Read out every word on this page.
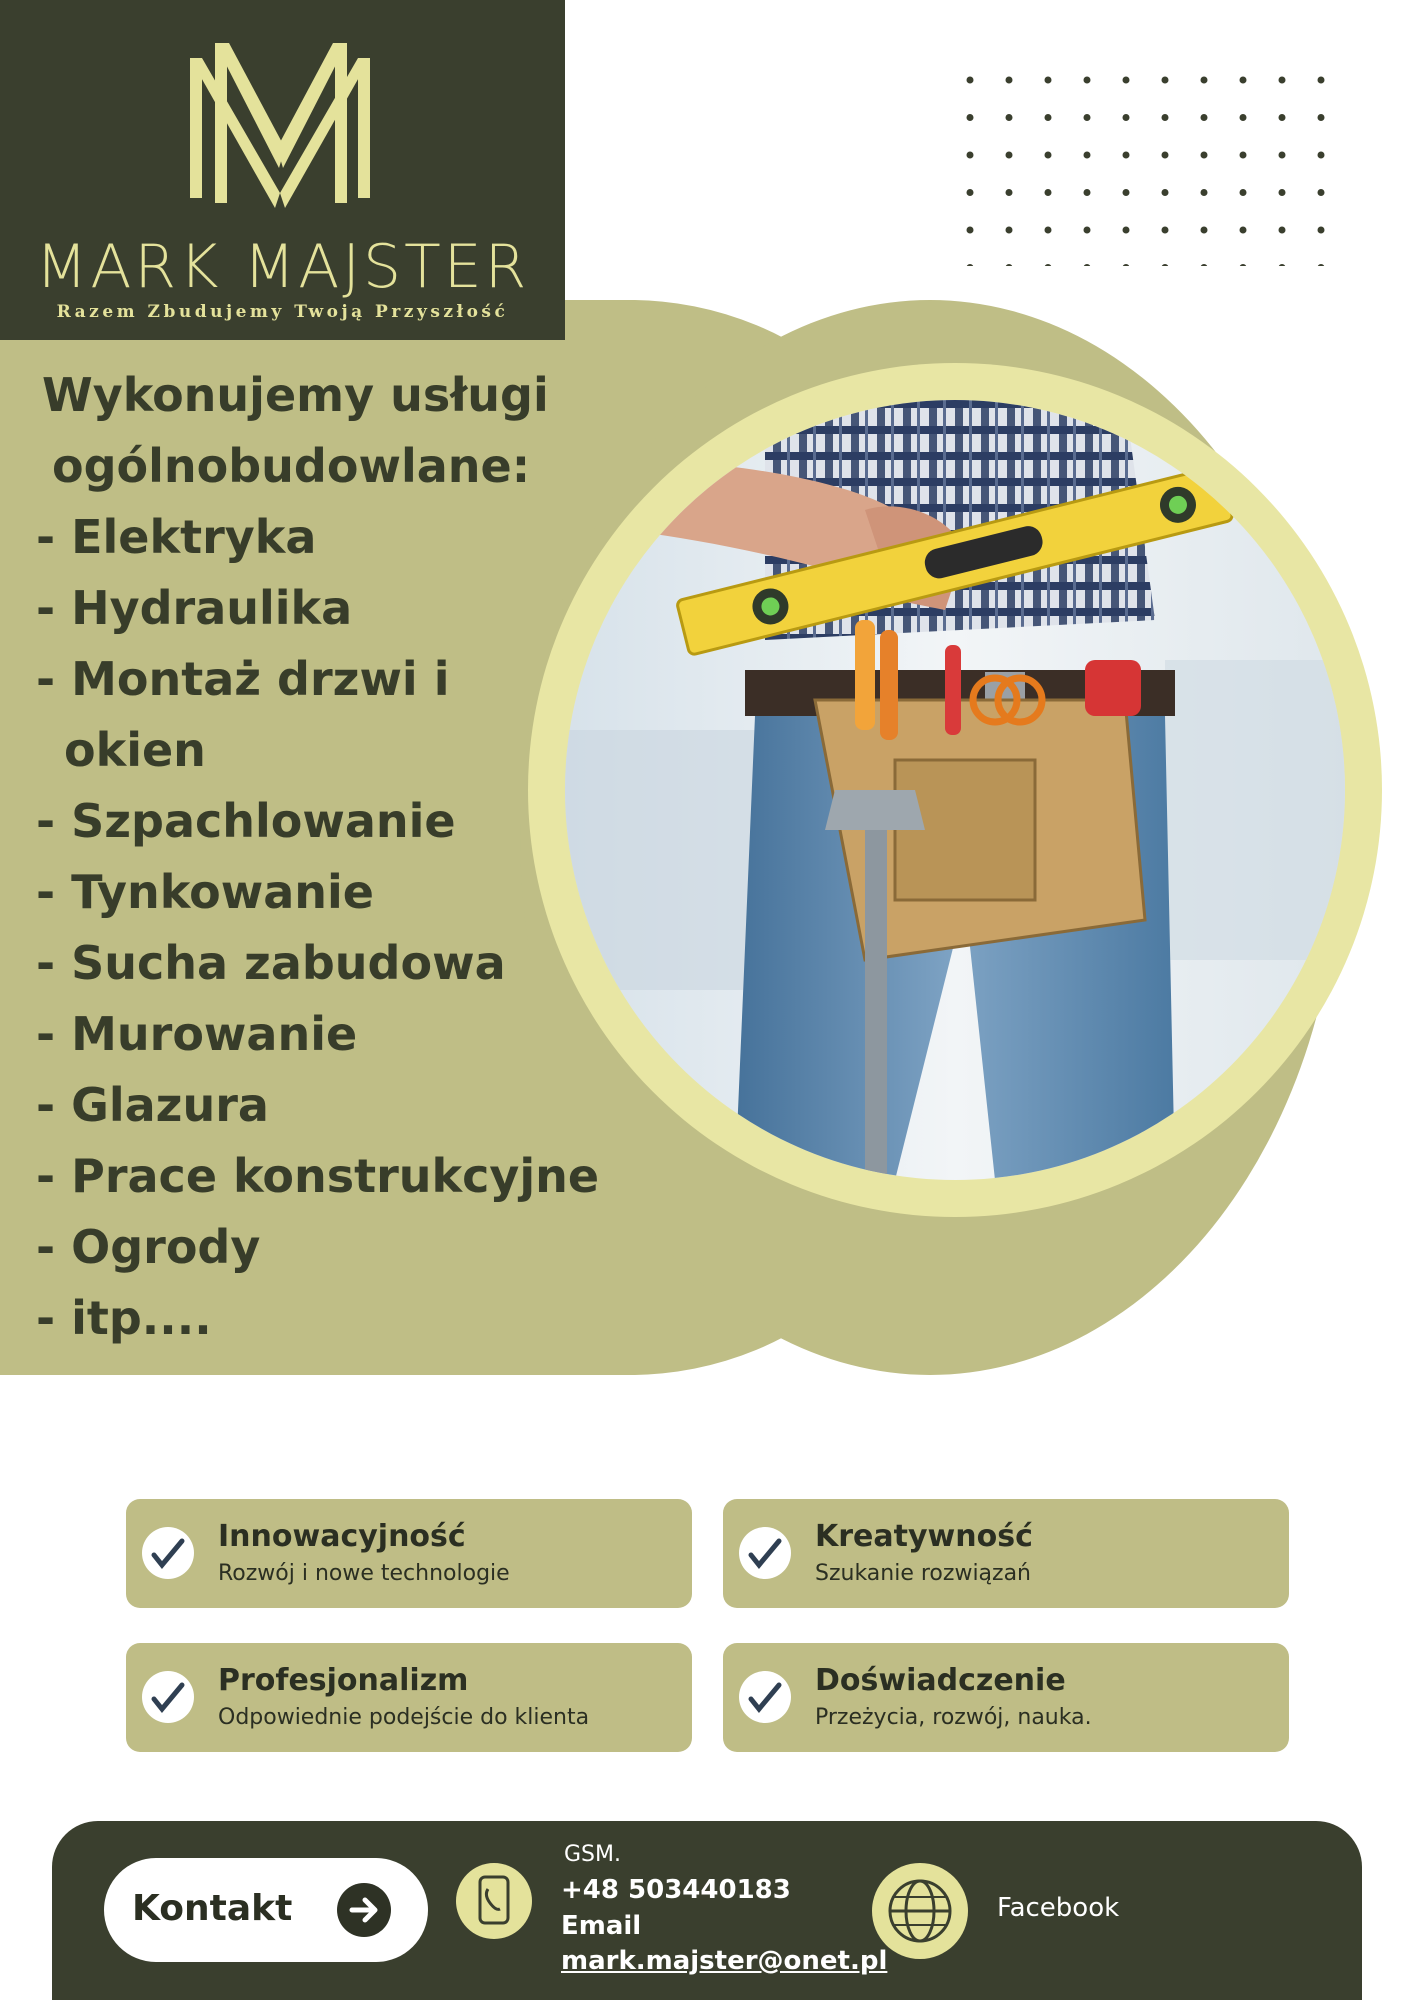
MARK MAJSTER
Razem Zbudujemy Twoją Przyszłość
Wykonujemy usługi
ogólnobudowlane:
- Elektryka
- Hydraulika
- Montaż drzwi i
okien
- Szpachlowanie
- Tynkowanie
- Sucha zabudowa
- Murowanie
- Glazura
- Prace konstrukcyjne
- Ogrody
- itp....
Innowacyjność
Rozwój i nowe technologie
Kreatywność
Szukanie rozwiązań
Profesjonalizm
Odpowiednie podejście do klienta
Doświadczenie
Przeżycia, rozwój, nauka.
Kontakt
GSM.
+48 503440183
Email
mark.majster@onet.pl
Facebook
